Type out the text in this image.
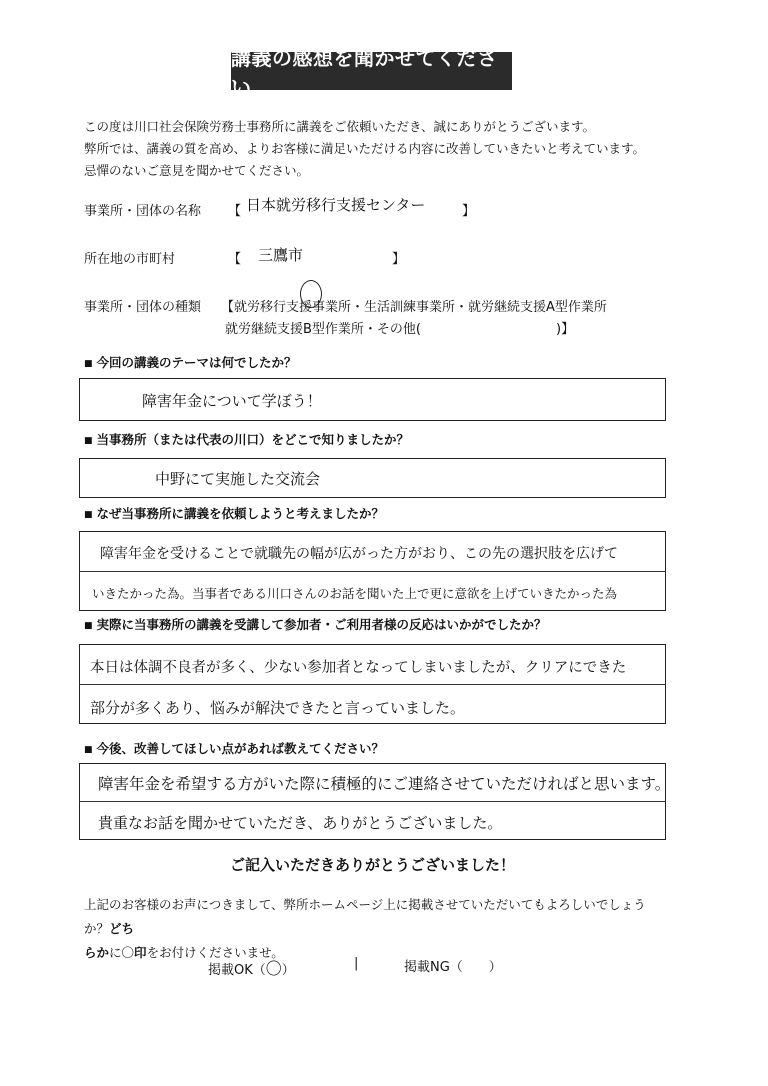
講義の感想を聞かせてください
この度は川口社会保険労務士事務所に講義をご依頼いただき、誠にありがとうございます。
弊所では、講義の質を高め、よりお客様に満足いただける内容に改善していきたいと考えています。
忌憚のないご意見を聞かせてください。
事業所・団体の名称 【 日本就労移行支援センター	】
所在地の市町村	【 三鷹市	】
事業所・団体の種類 【就労移行支援事業所・生活訓練事業所・就労継続支援A型作業所
就労継続支援B型作業所・その他(	)】
■ 今回の講義のテーマは何でしたか？
障害年金について学ぼう！
■ 当事務所（または代表の川口）をどこで知りましたか？
中野にて実施した交流会
■ なぜ当事務所に講義を依頼しようと考えましたか？
障害年金を受けることで就職先の幅が広がった方がおり、この先の選択肢を広げて
いきたかった為。当事者である川口さんのお話を聞いた上で更に意欲を上げていきたかった為
■ 実際に当事務所の講義を受講して参加者・ご利用者様の反応はいかがでしたか？
本日は体調不良者が多く、少ない参加者となってしまいましたが、クリアにできた
部分が多くあり、悩みが解決できたと言っていました。
■ 今後、改善してほしい点があれば教えてください？
障害年金を希望する方がいた際に積極的にご連絡させていただければと思います。
貴重なお話を聞かせていただき、ありがとうございました。
ご記入いただきありがとうございました！
上記のお客様のお声につきまして、弊所ホームページ上に掲載させていただいてもよろしいでしょうか？どち
らかに〇印をお付けくださいませ。
掲載OK（〇）	|	掲載NG（　　）
